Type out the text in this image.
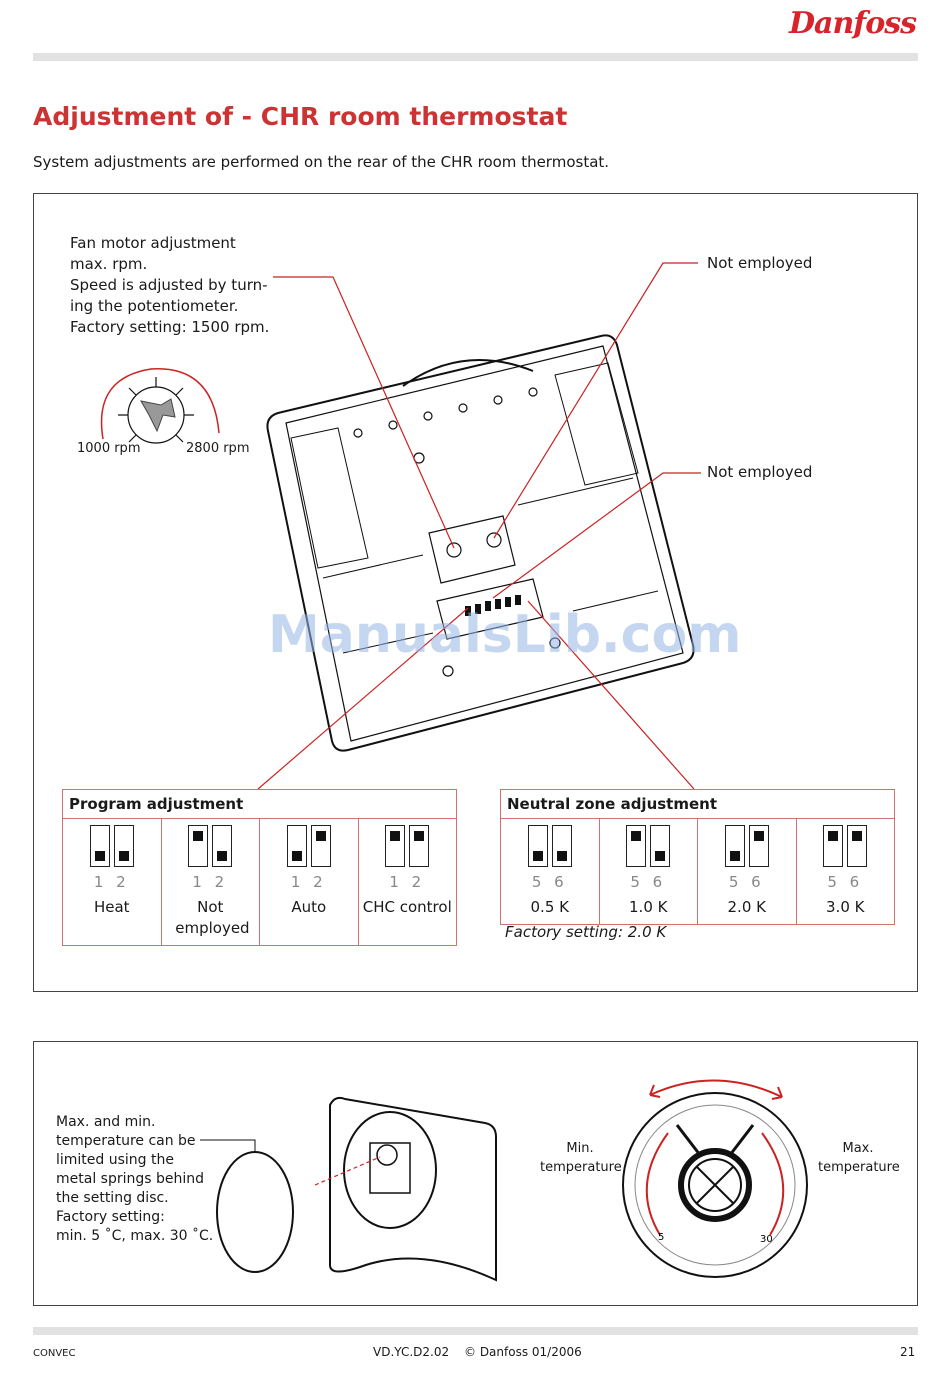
Danfoss
Adjustment of - CHR room thermostat
System adjustments are performed on the rear of the CHR room thermostat.
Fan motor adjustment
max. rpm.
Speed is adjusted by turn-
ing the potentiometer.
Factory setting: 1500 rpm.
1000 rpm	2800 rpm
Not employed
Not employed
ManualsLib.com
Program adjustment

1 2
Heat

1 2
Not employed

1 2
Auto

1 2
CHC control
Neutral zone adjustment

5 6
0.5 K

5 6
1.0 K

5 6
2.0 K

5 6
3.0 K
Factory setting: 2.0 K
Max. and min.
temperature can be
limited using the
metal springs behind
the setting disc.
Factory setting:
min. 5 ˚C, max. 30 ˚C.	5	30
Min.
temperature
Max.
temperature
CONVEC	VD.YC.D2.02 © Danfoss 01/2006	21
